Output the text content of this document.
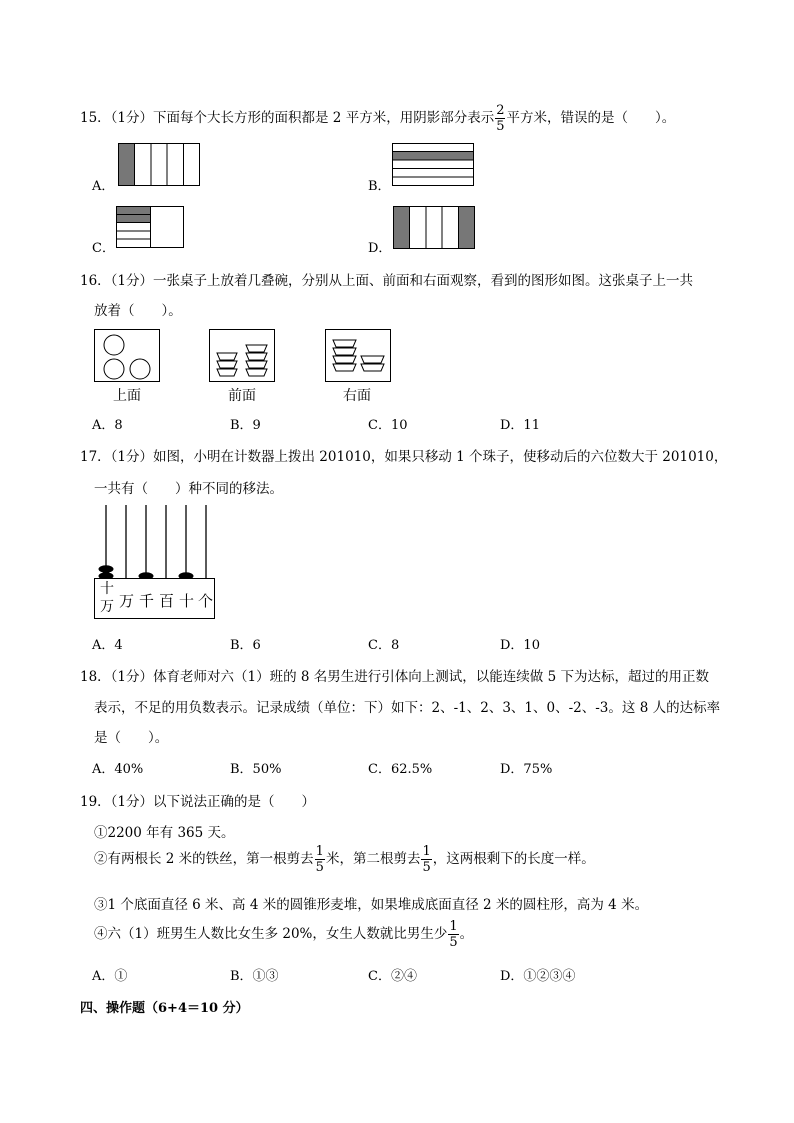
15．（1分）下面每个大长方形的面积都是 2 平方米，用阴影部分表示 $\frac{2}{5}$ 平方米，错误的是（　　）。
A．	B．
C．	D．
16．（1分）一张桌子上放着几叠碗，分别从上面、前面和右面观察，看到的图形如图。这张桌子上一共
放着（　　）。
上面	前面	右面
A．8	B．9	C．10	D．11
17．（1分）如图，小明在计数器上拨出 201010，如果只移动 1 个珠子，使移动后的六位数大于 201010，
一共有（　　）种不同的移法。
十
万 万 千 百 十 个
A．4	B．6	C．8	D．10
18．（1分）体育老师对六（1）班的 8 名男生进行引体向上测试，以能连续做 5 下为达标，超过的用正数
表示，不足的用负数表示。记录成绩（单位：下）如下：2、-1、2、3、1、0、-2、-3。这 8 人的达标率
是（　　）。
A．40%	B．50%	C．62.5%	D．75%
19．（1分）以下说法正确的是（　　）
①2200 年有 365 天。
②有两根长 2 米的铁丝，第一根剪去 $\frac{1}{5}$ 米，第二根剪去 $\frac{1}{5}$ ，这两根剩下的长度一样。
③1 个底面直径 6 米、高 4 米的圆锥形麦堆，如果堆成底面直径 2 米的圆柱形，高为 4 米。
④六（1）班男生人数比女生多 20%，女生人数就比男生少 $\frac{1}{5}$ 。
A．①	B．①③	C．②④	D．①②③④
四、操作题（6+4＝10 分）
